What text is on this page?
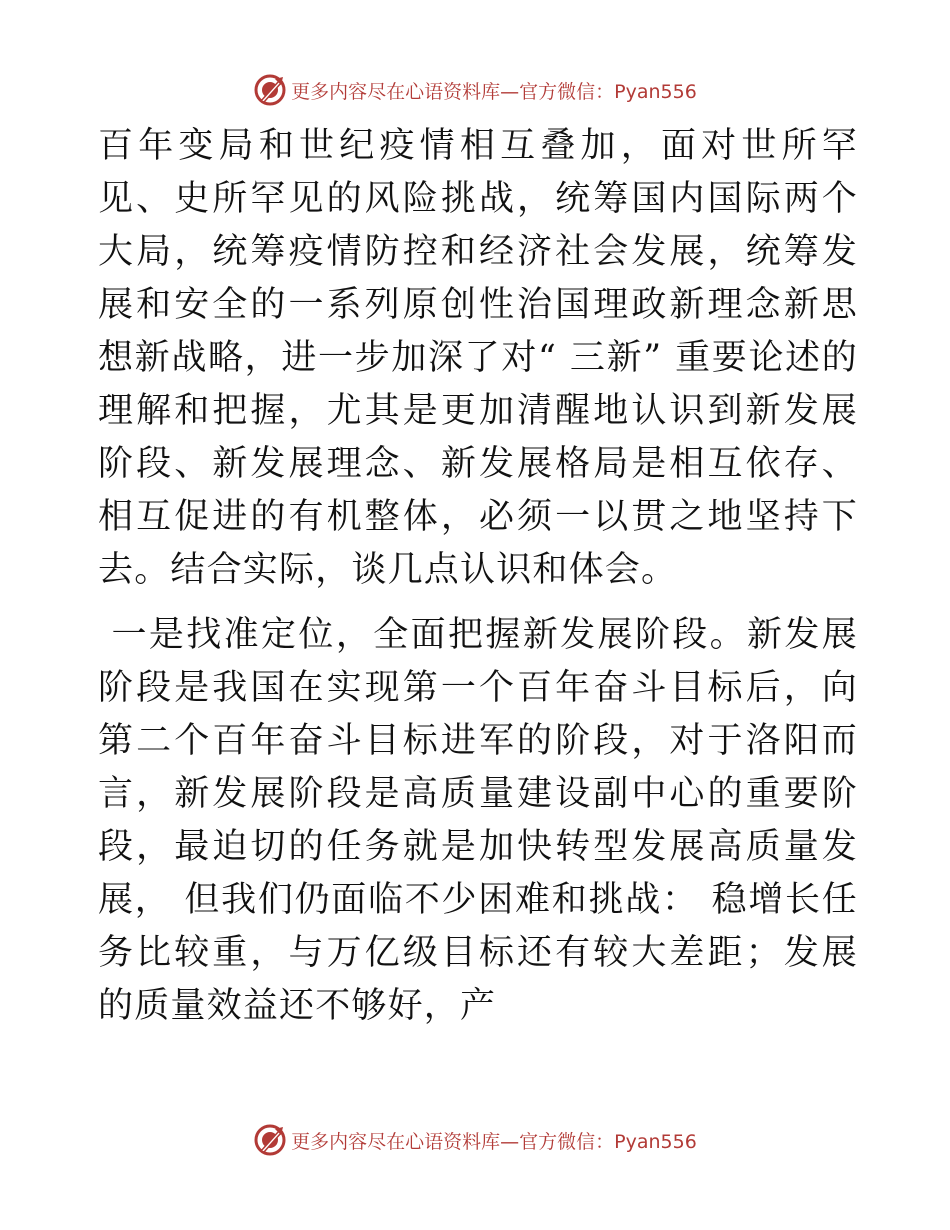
更多内容尽在心语资料库—官方微信：Pyan556

百年变局和世纪疫情相互叠加，面对世所罕见、史所罕见的风险挑战，统筹国内国际两个大局，统筹疫情防控和经济社会发展，统筹发展和安全的一系列原创性治国理政新理念新思想新战略，进一步加深了对“ 三新” 重要论述的理解和把握，尤其是更加清醒地认识到新发展阶段、新发展理念、新发展格局是相互依存、相互促进的有机整体，必须一以贯之地坚持下去。结合实际，谈几点认识和体会。

一是找准定位，全面把握新发展阶段。新发展阶段是我国在实现第一个百年奋斗目标后，向第二个百年奋斗目标进军的阶段，对于洛阳而言，新发展阶段是高质量建设副中心的重要阶段，最迫切的任务就是加快转型发展高质量发展， 但我们仍面临不少困难和挑战： 稳增长任务比较重，与万亿级目标还有较大差距；发展的质量效益还不够好，产

更多内容尽在心语资料库—官方微信：Pyan556
